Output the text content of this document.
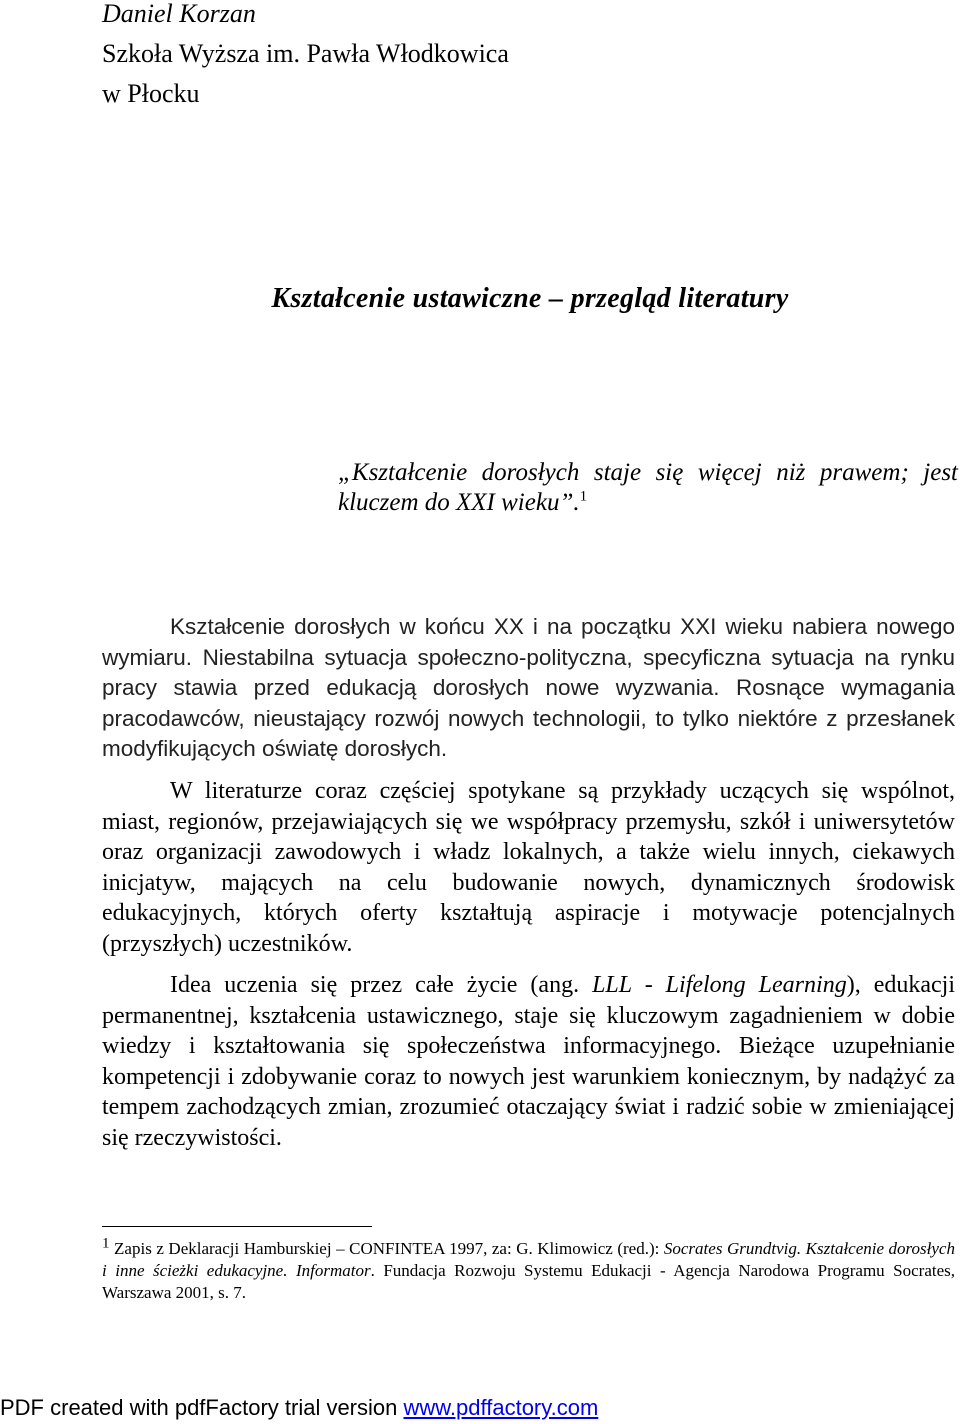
Daniel Korzan
Szkoła Wyższa im. Pawła Włodkowica
w Płocku
Kształcenie ustawiczne – przegląd literatury
„Kształcenie dorosłych staje się więcej niż prawem; jest kluczem do XXI wieku”.$^1$

Kształcenie dorosłych w końcu XX i na początku XXI wieku nabiera nowego wymiaru. Niestabilna sytuacja społeczno-polityczna, specyficzna sytuacja na rynku pracy stawia przed edukacją dorosłych nowe wyzwania. Rosnące wymagania pracodawców, nieustający rozwój nowych technologii, to tylko niektóre z przesłanek modyfikujących oświatę dorosłych.

W literaturze coraz częściej spotykane są przykłady uczących się wspólnot, miast, regionów, przejawiających się we współpracy przemysłu, szkół i uniwersytetów oraz organizacji zawodowych i władz lokalnych, a także wielu innych, ciekawych inicjatyw, mających na celu budowanie nowych, dynamicznych środowisk edukacyjnych, których oferty kształtują aspiracje i motywacje potencjalnych (przyszłych) uczestników.

Idea uczenia się przez całe życie (ang. LLL - Lifelong Learning), edukacji permanentnej, kształcenia ustawicznego, staje się kluczowym zagadnieniem w dobie wiedzy i kształtowania się społeczeństwa informacyjnego. Bieżące uzupełnianie kompetencji i zdobywanie coraz to nowych jest warunkiem koniecznym, by nadążyć za tempem zachodzących zmian, zrozumieć otaczający świat i radzić sobie w zmieniającej się rzeczywistości.

$^1$ Zapis z Deklaracji Hamburskiej – CONFINTEA 1997, za: G. Klimowicz (red.): Socrates Grundtvig. Kształcenie dorosłych i inne ścieżki edukacyjne. Informator. Fundacja Rozwoju Systemu Edukacji - Agencja Narodowa Programu Socrates, Warszawa 2001, s. 7.
PDF created with pdfFactory trial version www.pdffactory.com
